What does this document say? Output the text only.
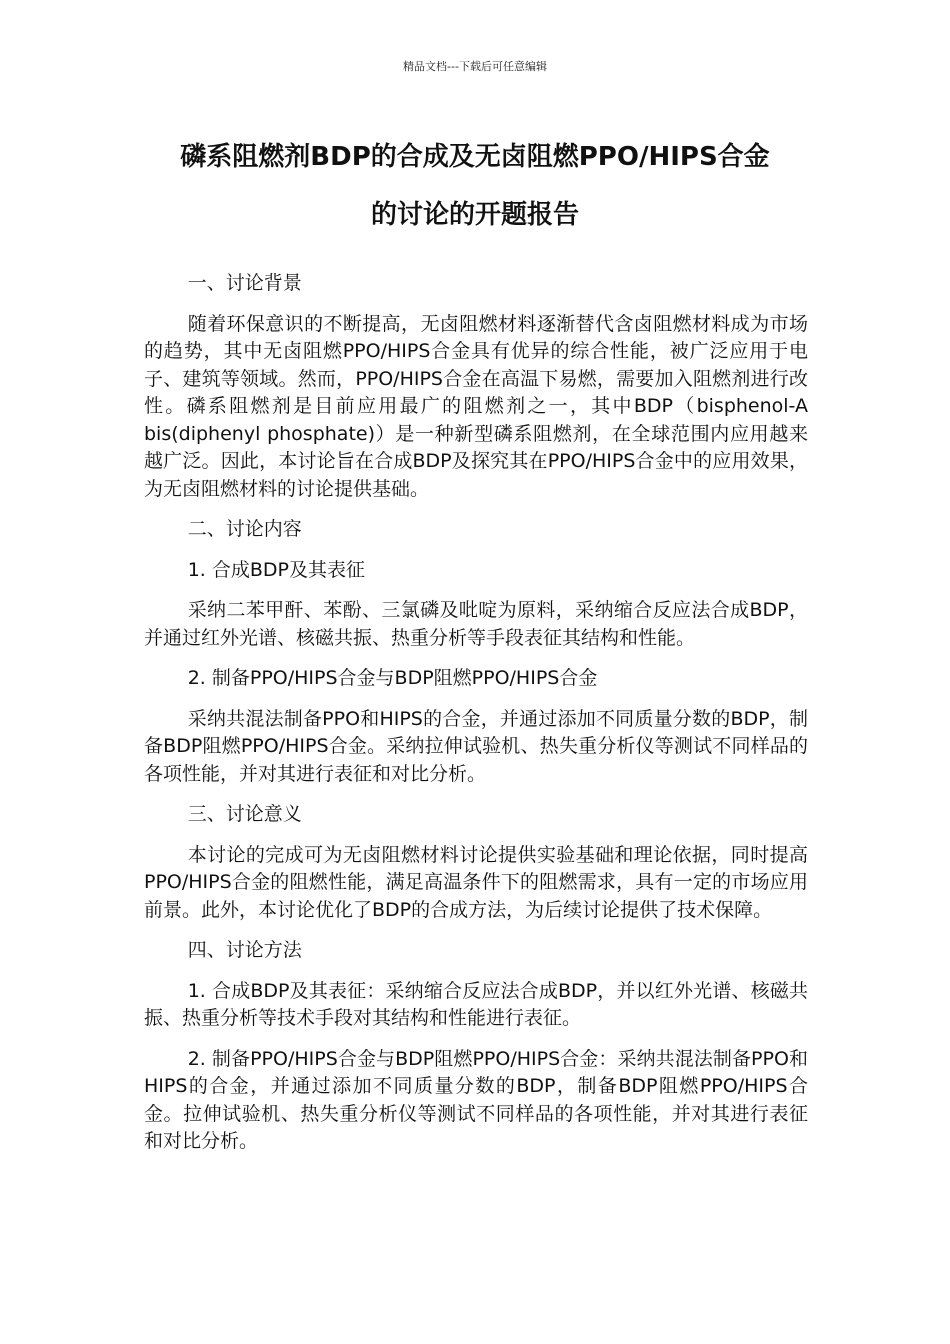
精品文档---下载后可任意编辑
磷系阻燃剂BDP的合成及无卤阻燃PPO/HIPS合金
的讨论的开题报告

一、讨论背景

随着环保意识的不断提高，无卤阻燃材料逐渐替代含卤阻燃材料成为市场的趋势，其中无卤阻燃PPO/HIPS合金具有优异的综合性能，被广泛应用于电子、建筑等领域。然而，PPO/HIPS合金在高温下易燃，需要加入阻燃剂进行改性。磷系阻燃剂是目前应用最广的阻燃剂之一，其中BDP（bisphenol-A bis(diphenyl phosphate)）是一种新型磷系阻燃剂，在全球范围内应用越来越广泛。因此，本讨论旨在合成BDP及探究其在PPO/HIPS合金中的应用效果，为无卤阻燃材料的讨论提供基础。

二、讨论内容

1. 合成BDP及其表征

采纳二苯甲酐、苯酚、三氯磷及吡啶为原料，采纳缩合反应法合成BDP，并通过红外光谱、核磁共振、热重分析等手段表征其结构和性能。

2. 制备PPO/HIPS合金与BDP阻燃PPO/HIPS合金

采纳共混法制备PPO和HIPS的合金，并通过添加不同质量分数的BDP，制备BDP阻燃PPO/HIPS合金。采纳拉伸试验机、热失重分析仪等测试不同样品的各项性能，并对其进行表征和对比分析。

三、讨论意义

本讨论的完成可为无卤阻燃材料讨论提供实验基础和理论依据，同时提高PPO/HIPS合金的阻燃性能，满足高温条件下的阻燃需求，具有一定的市场应用前景。此外，本讨论优化了BDP的合成方法，为后续讨论提供了技术保障。

四、讨论方法

1. 合成BDP及其表征：采纳缩合反应法合成BDP，并以红外光谱、核磁共振、热重分析等技术手段对其结构和性能进行表征。

2. 制备PPO/HIPS合金与BDP阻燃PPO/HIPS合金：采纳共混法制备PPO和HIPS的合金，并通过添加不同质量分数的BDP，制备BDP阻燃PPO/HIPS合金。拉伸试验机、热失重分析仪等测试不同样品的各项性能，并对其进行表征和对比分析。
